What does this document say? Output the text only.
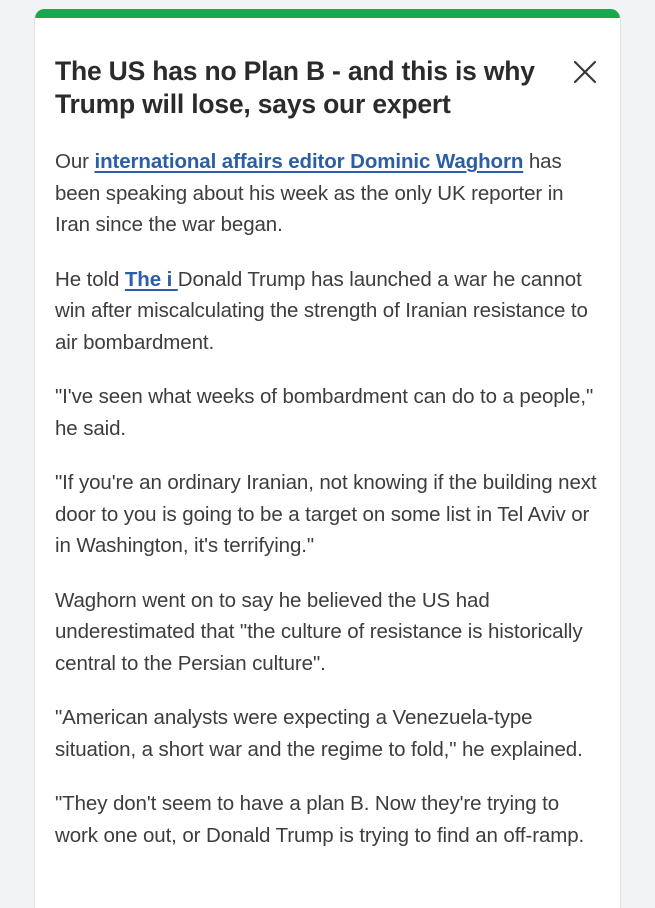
The US has no Plan B - and this is why Trump will lose, says our expert

Our international affairs editor Dominic Waghorn has been speaking about his week as the only UK reporter in Iran since the war began.

He told The i Donald Trump has launched a war he cannot win after miscalculating the strength of Iranian resistance to air bombardment.

"I've seen what weeks of bombardment can do to a people," he said.

"If you're an ordinary Iranian, not knowing if the building next door to you is going to be a target on some list in Tel Aviv or in Washington, it's terrifying."

Waghorn went on to say he believed the US had underestimated that "the culture of resistance is historically central to the Persian culture".

"American analysts were expecting a Venezuela-type situation, a short war and the regime to fold," he explained.

"They don't seem to have a plan B. Now they're trying to work one out, or Donald Trump is trying to find an off-ramp.
